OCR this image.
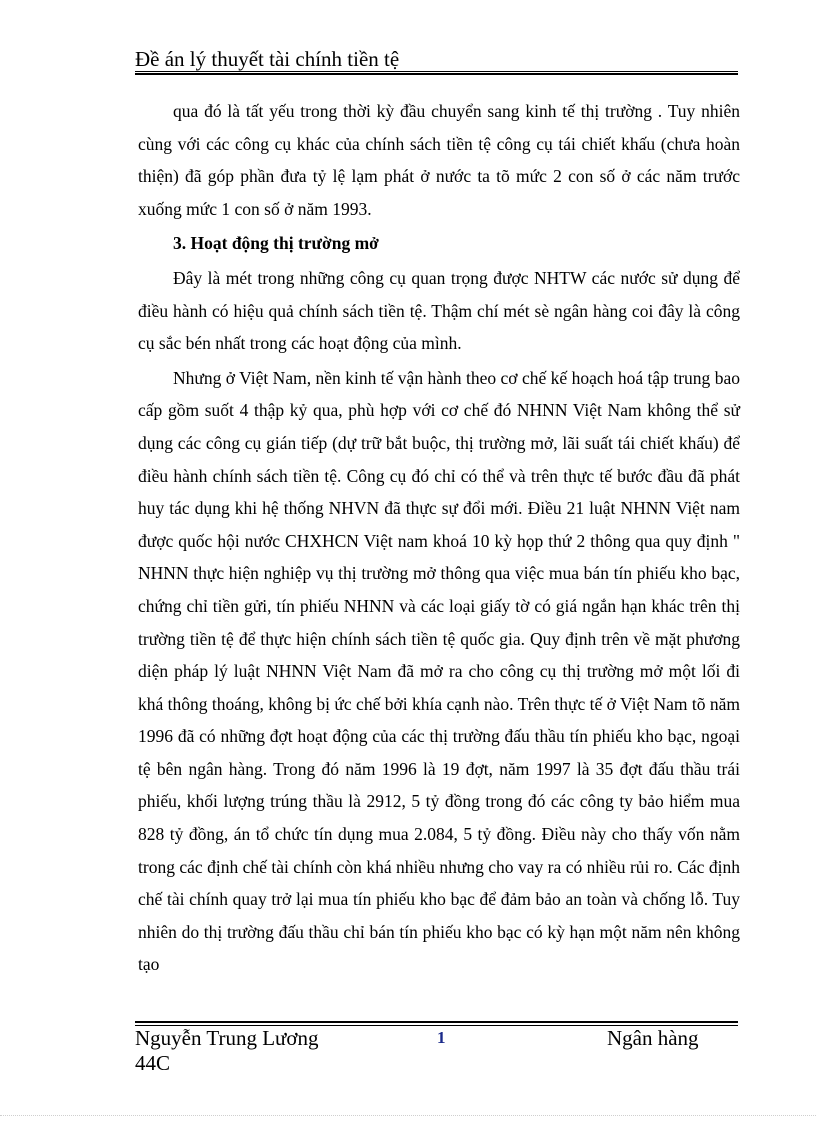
Đề án lý thuyết tài chính tiền tệ

qua đó là tất yếu trong thời kỳ đầu chuyển sang kinh tế thị trường . Tuy nhiên cùng với các công cụ khác của chính sách tiền tệ công cụ tái chiết khấu (chưa hoàn thiện) đã góp phần đưa tỷ lệ lạm phát ở nước ta tõ mức 2 con số ở các năm trước xuống mức 1 con số ở năm 1993.

3. Hoạt động thị trường mở

Đây là mét trong những công cụ quan trọng được NHTW các nước sử dụng để điều hành có hiệu quả chính sách tiền tệ. Thậm chí mét sè ngân hàng coi đây là công cụ sắc bén nhất trong các hoạt động của mình.

Nhưng ở Việt Nam, nền kinh tế vận hành theo cơ chế kế hoạch hoá tập trung bao cấp gồm suốt 4 thập kỷ qua, phù hợp với cơ chế đó NHNN Việt Nam không thể sử dụng các công cụ gián tiếp (dự trữ bắt buộc, thị trường mở, lãi suất tái chiết khấu) để điều hành chính sách tiền tệ. Công cụ đó chỉ có thể và trên thực tế bước đầu đã phát huy tác dụng khi hệ thống NHVN đã thực sự đổi mới. Điều 21 luật NHNN Việt nam được quốc hội nước CHXHCN Việt nam khoá 10 kỳ họp thứ 2 thông qua quy định " NHNN thực hiện nghiệp vụ thị trường mở thông qua việc mua bán tín phiếu kho bạc, chứng chỉ tiền gửi, tín phiếu NHNN và các loại giấy tờ có giá ngắn hạn khác trên thị trường tiền tệ để thực hiện chính sách tiền tệ quốc gia. Quy định trên về mặt phương diện pháp lý luật NHNN Việt Nam đã mở ra cho công cụ thị trường mở một lối đi khá thông thoáng, không bị ức chế bởi khía cạnh nào. Trên thực tế ở Việt Nam tõ năm 1996 đã có những đợt hoạt động của các thị trường đấu thầu tín phiếu kho bạc, ngoại tệ bên ngân hàng. Trong đó năm 1996 là 19 đợt, năm 1997 là 35 đợt đấu thầu trái phiếu, khối lượng trúng thầu là 2912, 5 tỷ đồng trong đó các công ty bảo hiểm mua 828 tỷ đồng, án tổ chức tín dụng mua 2.084, 5 tỷ đồng. Điều này cho thấy vốn nằm trong các định chế tài chính còn khá nhiều nhưng cho vay ra có nhiều rủi ro. Các định chế tài chính quay trở lại mua tín phiếu kho bạc để đảm bảo an toàn và chống lỗ. Tuy nhiên do thị trường đấu thầu chỉ bán tín phiếu kho bạc có kỳ hạn một năm nên không tạo

Nguyễn Trung Lương 44C
1	Ngân hàng
